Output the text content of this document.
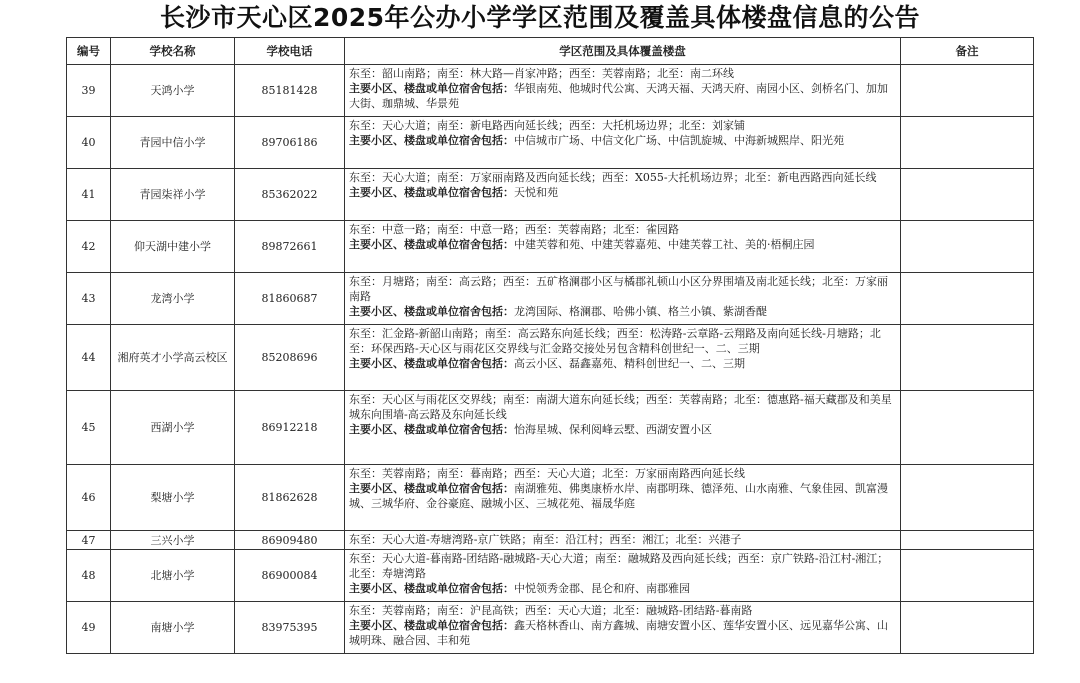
长沙市天心区2025年公办小学学区范围及覆盖具体楼盘信息的公告
编号	学校名称	学校电话	学区范围及具体覆盖楼盘	备注
39	天鸿小学	85181428	东至：韶山南路；南至：林大路—肖家冲路；西至：芙蓉南路；北至：南二环线
主要小区、楼盘或单位宿舍包括：华银南苑、他城时代公寓、天鸿天福、天鸿天府、南园小区、剑桥名门、加加大街、珈鼎城、华景苑	

40	青园中信小学	89706186	东至：天心大道；南至：新电路西向延长线；西至：大托机场边界；北至：刘家铺
主要小区、楼盘或单位宿舍包括：中信城市广场、中信文化广场、中信凯旋城、中海新城熙岸、阳光苑	

41	青园柒祥小学	85362022	东至：天心大道；南至：万家丽南路及西向延长线；西至：X055-大托机场边界；北至：新电西路西向延长线
主要小区、楼盘或单位宿舍包括：天悦和苑	

42	仰天湖中建小学	89872661	东至：中意一路；南至：中意一路；西至：芙蓉南路；北至：雀园路
主要小区、楼盘或单位宿舍包括：中建芙蓉和苑、中建芙蓉嘉苑、中建芙蓉工社、美的·梧桐庄园	

43	龙湾小学	81860687	东至：月塘路；南至：高云路；西至：五矿格澜郡小区与橘郡礼顿山小区分界围墙及南北延长线；北至：万家丽南路
主要小区、楼盘或单位宿舍包括：龙湾国际、格澜郡、哈佛小镇、格兰小镇、紫湖香醍	

44	湘府英才小学高云校区	85208696	东至：汇金路-新韶山南路；南至：高云路东向延长线；西至：松涛路-云章路-云翔路及南向延长线-月塘路；北至：环保西路-天心区与雨花区交界线与汇金路交接处另包含精科创世纪一、二、三期
主要小区、楼盘或单位宿舍包括：高云小区、磊鑫嘉苑、精科创世纪一、二、三期	

45	西湖小学	86912218	东至：天心区与雨花区交界线；南至：南湖大道东向延长线；西至：芙蓉南路；北至：德惠路-福天藏郡及和美星城东向围墙-高云路及东向延长线
主要小区、楼盘或单位宿舍包括：怡海星城、保利阅峰云墅、西湖安置小区	

46	梨塘小学	81862628	东至：芙蓉南路；南至：暮南路；西至：天心大道；北至：万家丽南路西向延长线
主要小区、楼盘或单位宿舍包括：南湖雅苑、佛奥康桥水岸、南郡明珠、德泽苑、山水南雅、气象佳园、凯富漫城、三城华府、金谷豪庭、融城小区、三城花苑、福晟华庭	

47	三兴小学	86909480	东至：天心大道-寿塘湾路-京广铁路；南至：沿江村；西至：湘江；北至：兴港子	

48	北塘小学	86900084	东至：天心大道-暮南路-团结路-融城路-天心大道；南至：融城路及西向延长线；西至：京广铁路-沿江村-湘江；北至：寿塘湾路
主要小区、楼盘或单位宿舍包括：中悦领秀金郡、昆仑和府、南郡雅园	

49	南塘小学	83975395	东至：芙蓉南路；南至：沪昆高铁；西至：天心大道；北至：融城路-团结路-暮南路
主要小区、楼盘或单位宿舍包括：鑫天格林香山、南方鑫城、南塘安置小区、莲华安置小区、远见嘉华公寓、山城明珠、融合园、丰和苑	
